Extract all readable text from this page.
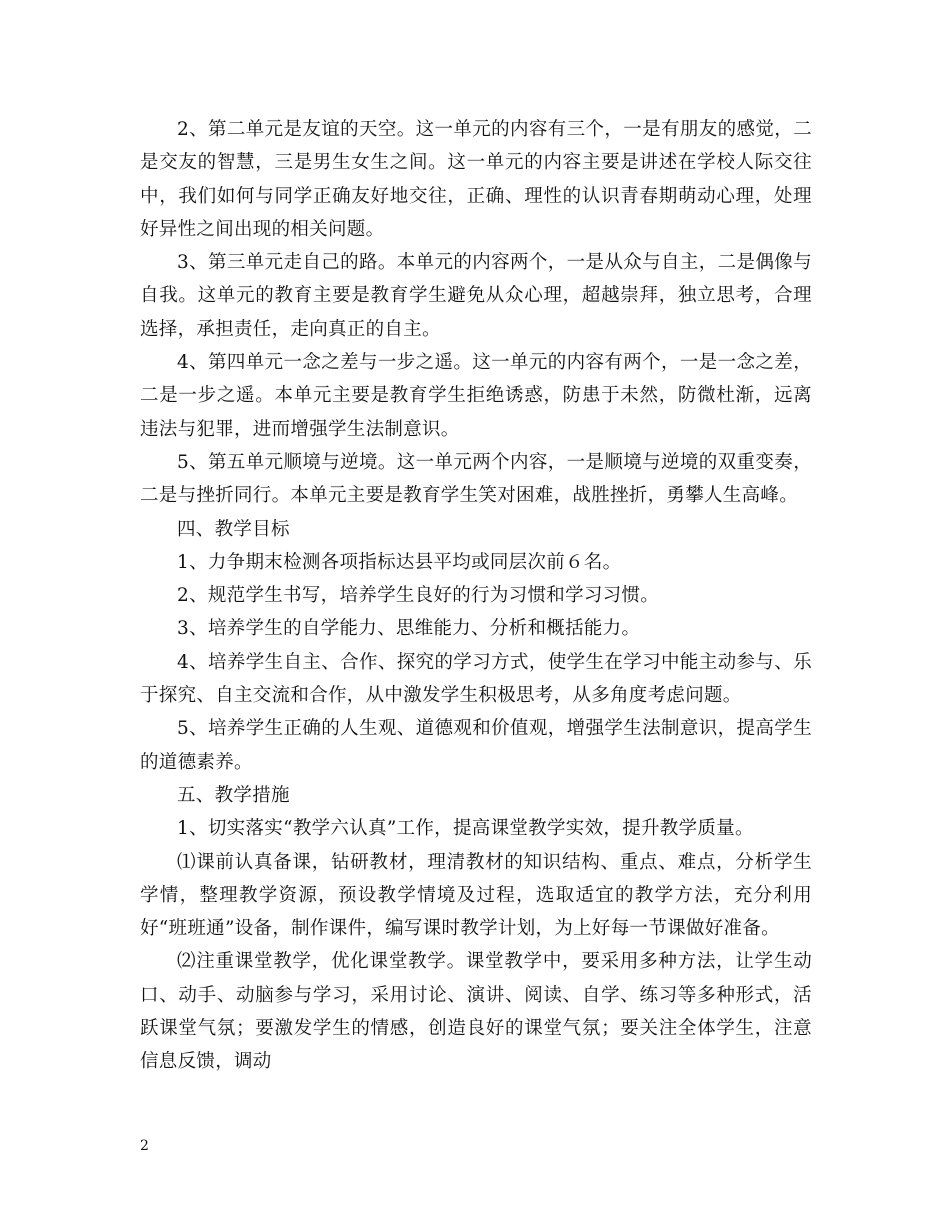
2、第二单元是友谊的天空。这一单元的内容有三个，一是有朋友的感觉，二是交友的智慧，三是男生女生之间。这一单元的内容主要是讲述在学校人际交往中，我们如何与同学正确友好地交往，正确、理性的认识青春期萌动心理，处理好异性之间出现的相关问题。

3、第三单元走自己的路。本单元的内容两个，一是从众与自主，二是偶像与自我。这单元的教育主要是教育学生避免从众心理，超越崇拜，独立思考，合理选择，承担责任，走向真正的自主。

4、第四单元一念之差与一步之遥。这一单元的内容有两个，一是一念之差，二是一步之遥。本单元主要是教育学生拒绝诱惑，防患于未然，防微杜渐，远离违法与犯罪，进而增强学生法制意识。

5、第五单元顺境与逆境。这一单元两个内容，一是顺境与逆境的双重变奏，二是与挫折同行。本单元主要是教育学生笑对困难，战胜挫折，勇攀人生高峰。

四、教学目标

1、力争期末检测各项指标达县平均或同层次前６名。

2、规范学生书写，培养学生良好的行为习惯和学习习惯。

3、培养学生的自学能力、思维能力、分析和概括能力。

4、培养学生自主、合作、探究的学习方式，使学生在学习中能主动参与、乐于探究、自主交流和合作，从中激发学生积极思考，从多角度考虑问题。

5、培养学生正确的人生观、道德观和价值观，增强学生法制意识，提高学生的道德素养。

五、教学措施

1、切实落实“教学六认真”工作，提高课堂教学实效，提升教学质量。

⑴课前认真备课，钻研教材，理清教材的知识结构、重点、难点，分析学生学情，整理教学资源，预设教学情境及过程，选取适宜的教学方法，充分利用好“班班通”设备，制作课件，编写课时教学计划，为上好每一节课做好准备。

⑵注重课堂教学，优化课堂教学。课堂教学中，要采用多种方法，让学生动口、动手、动脑参与学习，采用讨论、演讲、阅读、自学、练习等多种形式，活跃课堂气氛；要激发学生的情感，创造良好的课堂气氛；要关注全体学生，注意信息反馈，调动

2
